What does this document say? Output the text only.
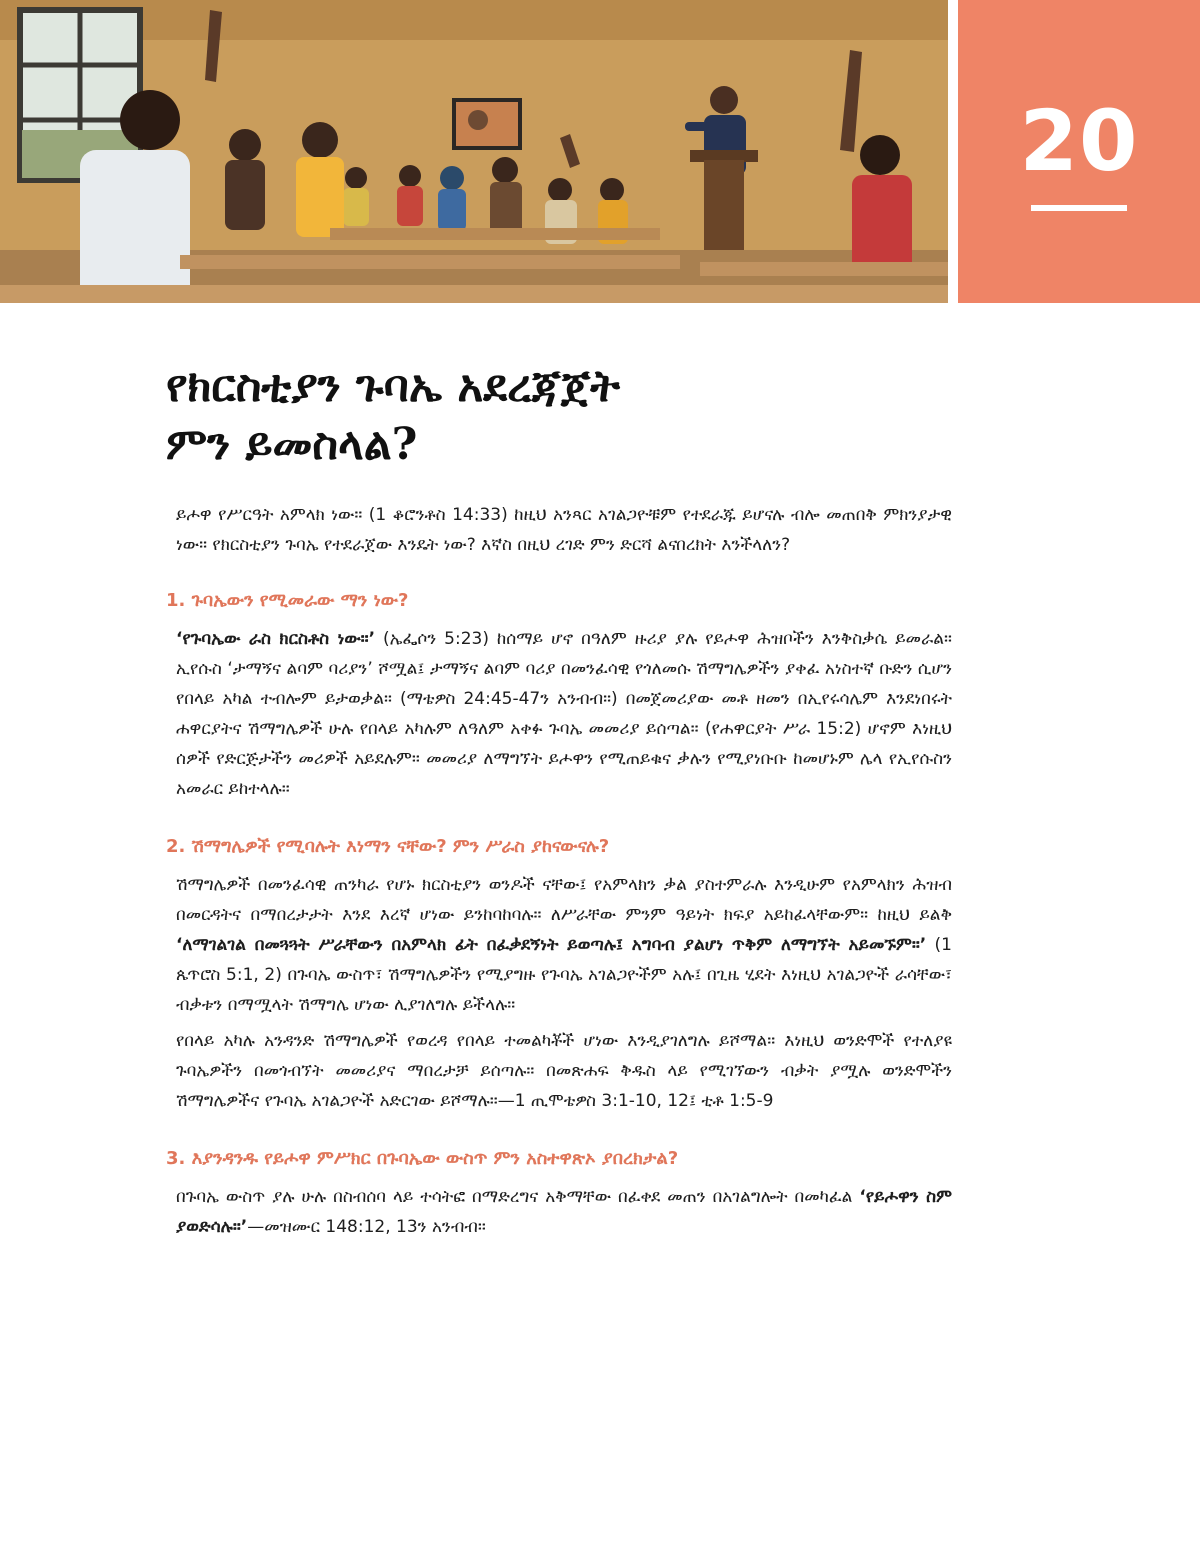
20
የክርስቲያን ጉባኤ አደረጃጀት
ምን ይመስላል?

ይሖዋ የሥርዓት አምላክ ነው። (1 ቆሮንቶስ 14:33) ከዚህ አንጻር አገልጋዮቹም የተደራጁ ይሆናሉ ብሎ መጠበቅ ምክንያታዊ ነው። የክርስቲያን ጉባኤ የተደራጀው እንዴት ነው? እኛስ በዚህ ረገድ ምን ድርሻ ልናበረክት እንችላለን?

1. ጉባኤውን የሚመራው ማን ነው?

‘የጉባኤው ራስ ክርስቶስ ነው።’ (ኤፌሶን 5:23) ከሰማይ ሆኖ በዓለም ዙሪያ ያሉ የይሖዋ ሕዝቦችን እንቅስቃሴ ይመራል። ኢየሱስ ‘ታማኝና ልባም ባሪያን’ ሾሟል፤ ታማኝና ልባም ባሪያ በመንፈሳዊ የጎለመሱ ሽማግሌዎችን ያቀፈ አነስተኛ ቡድን ሲሆን የበላይ አካል ተብሎም ይታወቃል። (ማቴዎስ 24:45-47ን አንብብ።) በመጀመሪያው መቶ ዘመን በኢየሩሳሌም እንደነበሩት ሐዋርያትና ሽማግሌዎች ሁሉ የበላይ አካሉም ለዓለም አቀፉ ጉባኤ መመሪያ ይሰጣል። (የሐዋርያት ሥራ 15:2) ሆኖም እነዚህ ሰዎች የድርጅታችን መሪዎች አይደሉም። መመሪያ ለማግኘት ይሖዋን የሚጠይቁና ቃሉን የሚያነቡቡ ከመሆኑም ሌላ የኢየሱስን አመራር ይከተላሉ።

2. ሽማግሌዎች የሚባሉት እነማን ናቸው? ምን ሥራስ ያከናውናሉ?

ሽማግሌዎች በመንፈሳዊ ጠንካራ የሆኑ ክርስቲያን ወንዶች ናቸው፤ የአምላክን ቃል ያስተምራሉ እንዲሁም የአምላክን ሕዝብ በመርዳትና በማበረታታት እንደ እረኛ ሆነው ይንከባከባሉ። ለሥራቸው ምንም ዓይነት ክፍያ አይከፈላቸውም። ከዚህ ይልቅ ‘ለማገልገል በመጓጓት ሥራቸውን በአምላክ ፊት በፈቃደኝነት ይወጣሉ፤ አግባብ ያልሆነ ጥቅም ለማግኘት አይመኙም።’ (1 ጴጥሮስ 5:1, 2) በጉባኤ ውስጥ፣ ሽማግሌዎችን የሚያግዙ የጉባኤ አገልጋዮችም አሉ፤ በጊዜ ሂደት እነዚህ አገልጋዮች ራሳቸው፣ ብቃቱን በማሟላት ሽማግሌ ሆነው ሊያገለግሉ ይችላሉ።

የበላይ አካሉ አንዳንድ ሽማግሌዎች የወረዳ የበላይ ተመልካቾች ሆነው እንዲያገለግሉ ይሾማል። እነዚህ ወንድሞች የተለያዩ ጉባኤዎችን በመጎብኘት መመሪያና ማበረታቻ ይሰጣሉ። በመጽሐፍ ቅዱስ ላይ የሚገኘውን ብቃት ያሟሉ ወንድሞችን ሽማግሌዎችና የጉባኤ አገልጋዮች አድርገው ይሾማሉ።—1 ጢሞቴዎስ 3:1-10, 12፤ ቲቶ 1:5-9

3. እያንዳንዱ የይሖዋ ምሥክር በጉባኤው ውስጥ ምን አስተዋጽኦ ያበረክታል?

በጉባኤ ውስጥ ያሉ ሁሉ በስብሰባ ላይ ተሳትፎ በማድረግና አቅማቸው በፈቀደ መጠን በአገልግሎት በመካፈል ‘የይሖዋን ስም ያወድሳሉ።’—መዝሙር 148:12, 13ን አንብብ።
